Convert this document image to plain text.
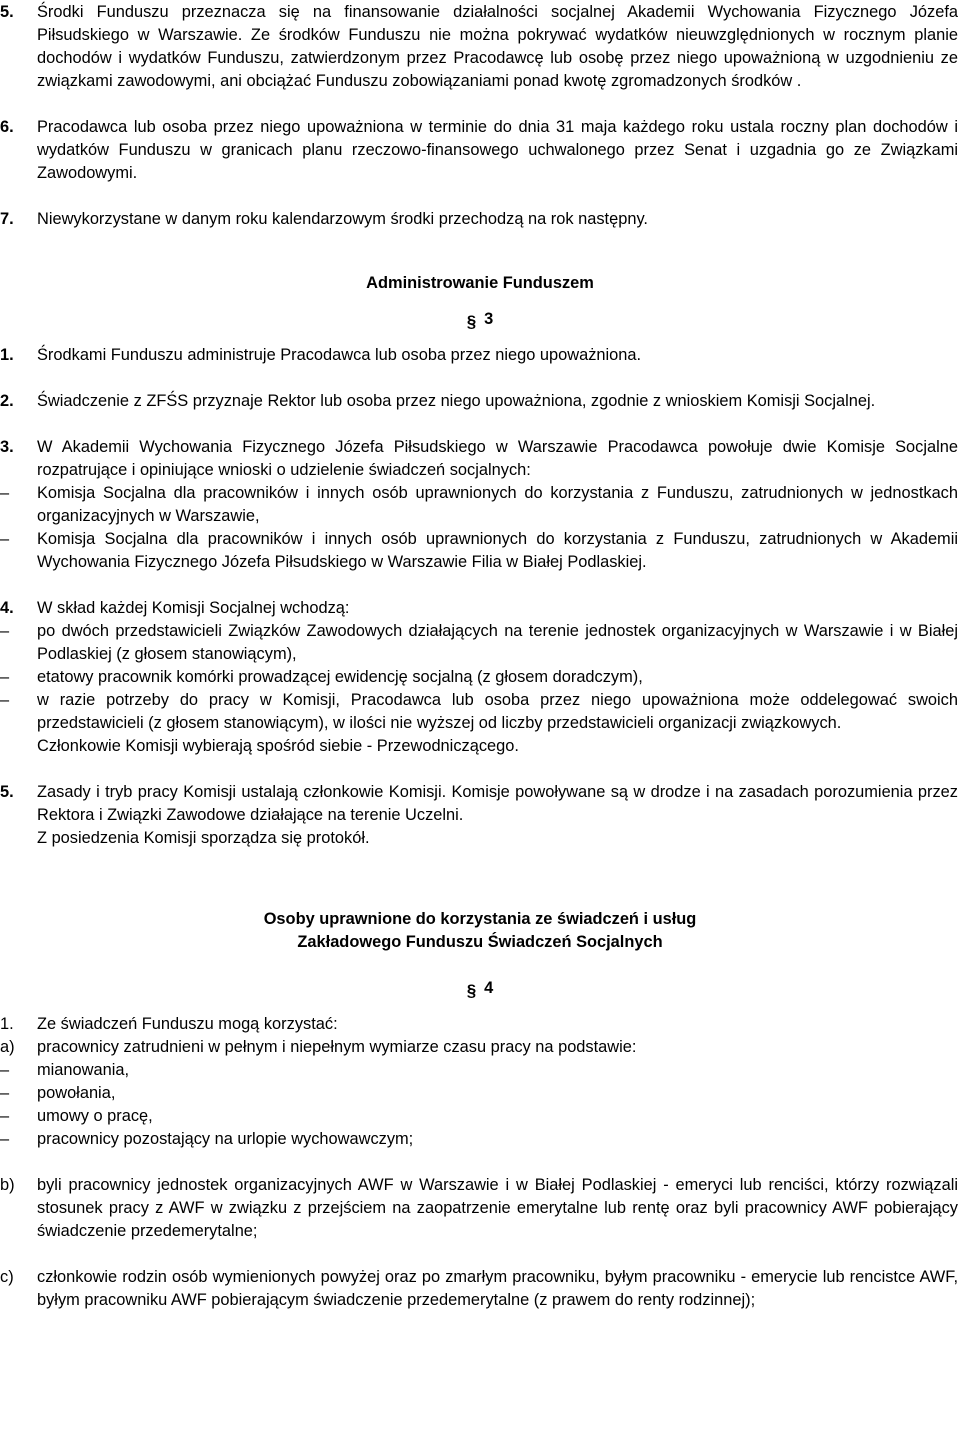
5. Środki Funduszu przeznacza się na finansowanie działalności socjalnej Akademii Wychowania Fizycznego Józefa Piłsudskiego w Warszawie. Ze środków Funduszu nie można pokrywać wydatków nieuwzględnionych w rocznym planie dochodów i wydatków Funduszu, zatwierdzonym przez Pracodawcę lub osobę przez niego upoważnioną w uzgodnieniu ze związkami zawodowymi, ani obciążać Funduszu zobowiązaniami ponad kwotę zgromadzonych środków .
6. Pracodawca lub osoba przez niego upoważniona w terminie do dnia 31 maja każdego roku ustala roczny plan dochodów i wydatków Funduszu w granicach planu rzeczowo-finansowego uchwalonego przez Senat i uzgadnia go ze Związkami Zawodowymi.
7. Niewykorzystane w danym roku kalendarzowym środki przechodzą na rok następny.
Administrowanie Funduszem
§ 3
1. Środkami Funduszu administruje Pracodawca lub osoba przez niego upoważniona.
2. Świadczenie z ZFŚS przyznaje Rektor lub osoba przez niego upoważniona, zgodnie z wnioskiem Komisji Socjalnej.
3. W Akademii Wychowania Fizycznego Józefa Piłsudskiego w Warszawie Pracodawca powołuje dwie Komisje Socjalne rozpatrujące i opiniujące wnioski o udzielenie świadczeń socjalnych:
– Komisja Socjalna dla pracowników i innych osób uprawnionych do korzystania z Funduszu, zatrudnionych w jednostkach organizacyjnych w Warszawie,
– Komisja Socjalna dla pracowników i innych osób uprawnionych do korzystania z Funduszu, zatrudnionych w Akademii Wychowania Fizycznego Józefa Piłsudskiego w Warszawie Filia w Białej Podlaskiej.
4. W skład każdej Komisji Socjalnej wchodzą:
– po dwóch przedstawicieli Związków Zawodowych działających na terenie jednostek organizacyjnych w Warszawie i w Białej Podlaskiej (z głosem stanowiącym),
– etatowy pracownik komórki prowadzącej ewidencję socjalną (z głosem doradczym),
– w razie potrzeby do pracy w Komisji, Pracodawca lub osoba przez niego upoważniona może oddelegować swoich przedstawicieli (z głosem stanowiącym), w ilości nie wyższej od liczby przedstawicieli organizacji związkowych.
Członkowie Komisji wybierają spośród siebie - Przewodniczącego.
5. Zasady i tryb pracy Komisji ustalają członkowie Komisji. Komisje powoływane są w drodze i na zasadach porozumienia przez Rektora i Związki Zawodowe działające na terenie Uczelni.
Z posiedzenia Komisji sporządza się protokół.
Osoby uprawnione do korzystania ze świadczeń i usług
Zakładowego Funduszu Świadczeń Socjalnych
§ 4
1. Ze świadczeń Funduszu mogą korzystać:
a) pracownicy zatrudnieni w pełnym i niepełnym wymiarze czasu pracy na podstawie:
– mianowania,
– powołania,
– umowy o pracę,
– pracownicy pozostający na urlopie wychowawczym;
b) byli pracownicy jednostek organizacyjnych AWF w Warszawie i w Białej Podlaskiej - emeryci lub renciści, którzy rozwiązali stosunek pracy z AWF w związku z przejściem na zaopatrzenie emerytalne lub rentę oraz byli pracownicy AWF pobierający świadczenie przedemerytalne;
c) członkowie rodzin osób wymienionych powyżej oraz po zmarłym pracowniku, byłym pracowniku - emerycie lub rencistce AWF, byłym pracowniku AWF pobierającym świadczenie przedemerytalne (z prawem do renty rodzinnej);
